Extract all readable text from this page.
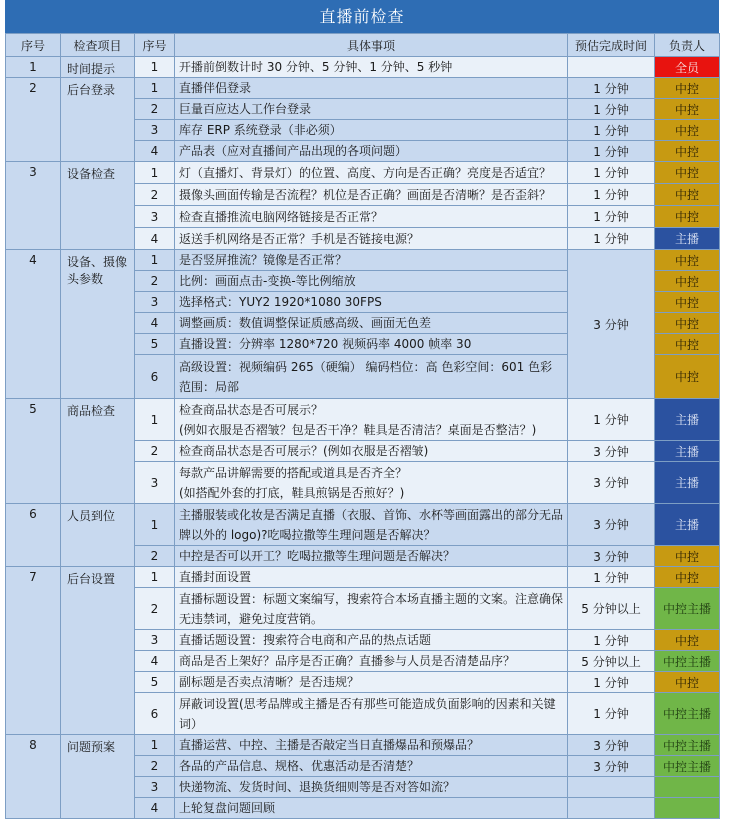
直播前检查
序号	检查项目	序号	具体事项	预估完成时间	负责人
1	时间提示	1	开播前倒数计时 30 分钟、5 分钟、1 分钟、5 秒钟		全员
2	后台登录	1	直播伴侣登录	1 分钟	中控
		2	巨量百应达人工作台登录	1 分钟	中控
		3	库存 ERP 系统登录（非必须）	1 分钟	中控
		4	产品表（应对直播间产品出现的各项问题）	1 分钟	中控
3	设备检查	1	灯（直播灯、背景灯）的位置、高度、方向是否正确？亮度是否适宜？	1 分钟	中控
		2	摄像头画面传输是否流程？机位是否正确？画面是否清晰？是否歪斜？	1 分钟	中控
		3	检查直播推流电脑网络链接是否正常？	1 分钟	中控
		4	返送手机网络是否正常？手机是否链接电源？	1 分钟	主播
4	设备、摄像头参数	1	是否竖屏推流？镜像是否正常？	3 分钟	中控
		2	比例：画面点击-变换-等比例缩放		中控
		3	选择格式：YUY2 1920*1080 30FPS		中控
		4	调整画质：数值调整保证质感高级、画面无色差		中控
		5	直播设置：分辨率 1280*720 视频码率 4000 帧率 30		中控
		6	高级设置：视频编码 265（硬编） 编码档位：高 色彩空间：601 色彩范围：局部		中控
5	商品检查	1	检查商品状态是否可展示？
(例如衣服是否褶皱？包是否干净？鞋具是否清洁？桌面是否整洁？)	1 分钟	主播
		2	检查商品状态是否可展示？(例如衣服是否褶皱)	3 分钟	主播
		3	每款产品讲解需要的搭配或道具是否齐全？
(如搭配外套的打底，鞋具煎锅是否煎好？)	3 分钟	主播
6	人员到位	1	主播服装或化妆是否满足直播（衣服、首饰、水杯等画面露出的部分无品牌以外的 logo)?吃喝拉撒等生理问题是否解决？	3 分钟	主播
		2	中控是否可以开工？吃喝拉撒等生理问题是否解决？	3 分钟	中控
7	后台设置	1	直播封面设置	1 分钟	中控
		2	直播标题设置：标题文案编写，搜索符合本场直播主题的文案。注意确保无违禁词，避免过度营销。	5 分钟以上	中控主播
		3	直播话题设置：搜索符合电商和产品的热点话题	1 分钟	中控
		4	商品是否上架好？品序是否正确？直播参与人员是否清楚品序？	5 分钟以上	中控主播
		5	副标题是否卖点清晰？是否违规？	1 分钟	中控
		6	屏蔽词设置(思考品牌或主播是否有那些可能造成负面影响的因素和关键词）	1 分钟	中控主播
8	问题预案	1	直播运营、中控、主播是否敲定当日直播爆品和预爆品？	3 分钟	中控主播
		2	各品的产品信息、规格、优惠活动是否清楚？	3 分钟	中控主播
		3	快递物流、发货时间、退换货细则等是否对答如流？		
		4	上轮复盘问题回顾		
